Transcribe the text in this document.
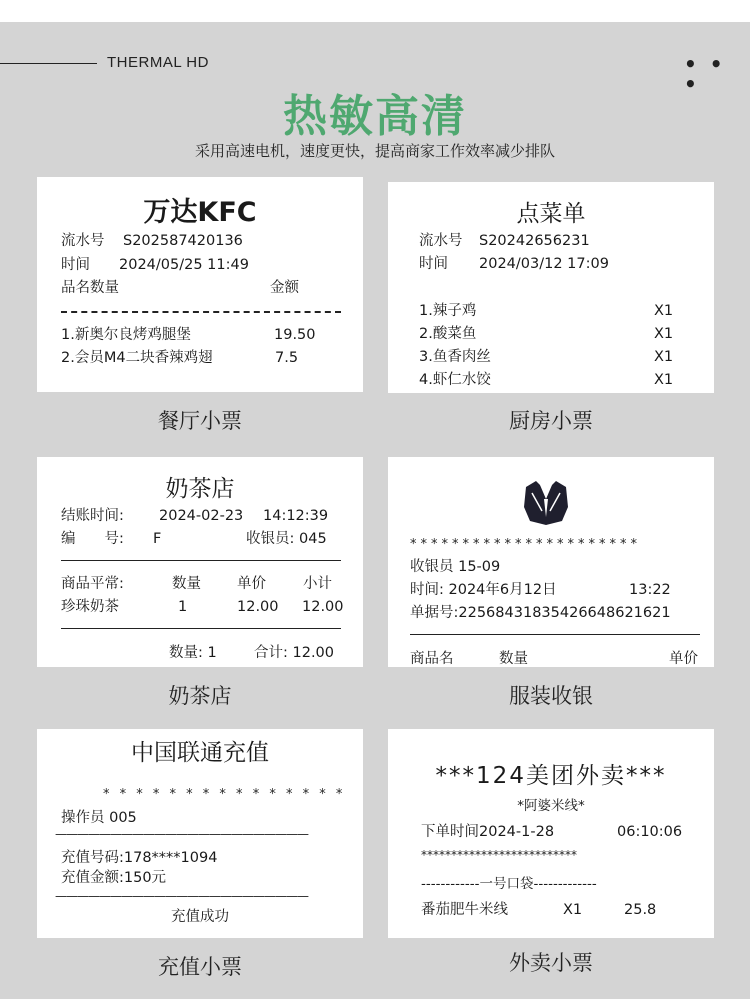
THERMAL HD	• • •
热敏高清
采用高速电机，速度更快，提高商家工作效率减少排队
万达KFC
流水号 S202587420136
时间 2024/05/25 11:49
品名数量	金额
1.新奥尔良烤鸡腿堡	19.50
2.会员M4二块香辣鸡翅	7.5
餐厅小票
点菜单
流水号 S20242656231
时间 2024/03/12 17:09
1.辣子鸡	X1
2.酸菜鱼	X1
3.鱼香肉丝	X1
4.虾仁水饺	X1
厨房小票
奶茶店
结账时间: 2024-02-23 14:12:39
编　　号: F	收银员: 045
商品平常:	数量 单价	小计
珍珠奶茶	1	12.00 12.00
数量: 1	合计: 12.00
奶茶店
**********************
收银员 15-09
时间: 2024年6月12日	13:22
单据号:2256843183542664862162​1
商品名	数量	单价
服装收银
中国联通充值
* * * * * * * * * * * * * * *
操作员 005
———————————————————————
充值号码:178****1094
充值金额:150元
———————————————————————
充值成功
充值小票
***124美团外卖***
*阿婆米线*
下单时间2024-1-28	06:10:06
**************************
------------一号口袋-------------
番茄肥牛米线	X1	25.8
外卖小票
